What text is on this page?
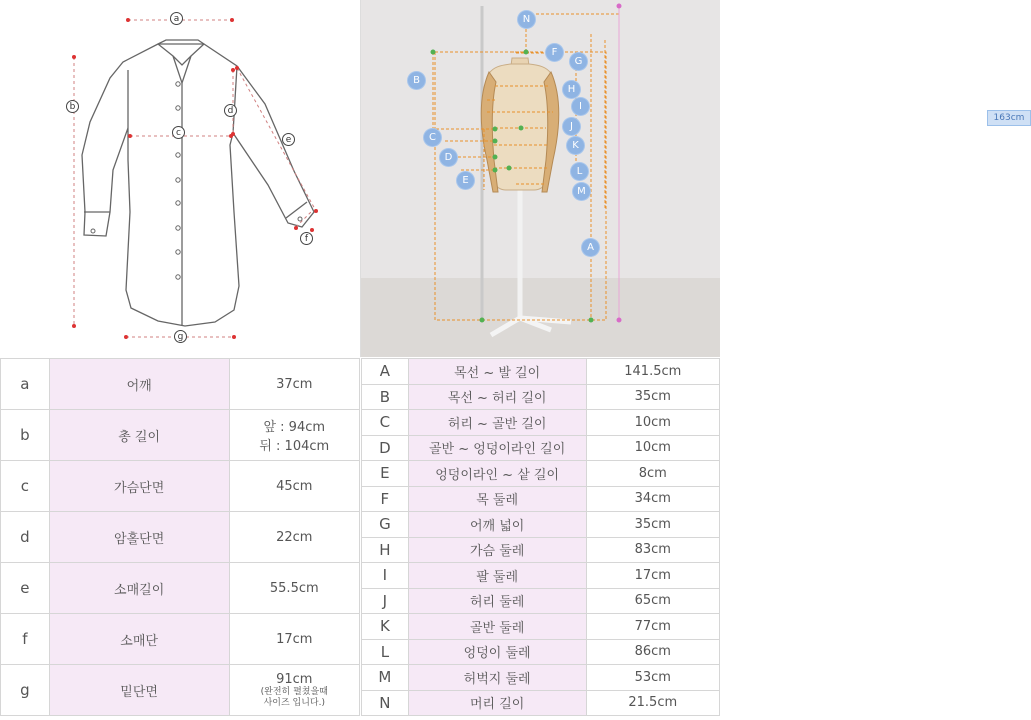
a
b
c
d
e
f
g
N
F
G
B
H
I
J
C
K
D
L
E
M
A
163cm
a	어깨	37cm
b	총 길이	앞 : 94cm
뒤 : 104cm

c	가슴단면	45cm
d	암홀단면	22cm
e	소매길이	55.5cm
f	소매단	17cm
g	밑단면	91cm
(완전히 펼쳤을때
사이즈 입니다.)
A	목선 ~ 발 길이	141.5cm
B	목선 ~ 허리 길이	35cm
C	허리 ~ 골반 길이	10cm
D	골반 ~ 엉덩이라인 길이	10cm
E	엉덩이라인 ~ 샅 길이	8cm
F	목 둘레	34cm
G	어깨 넓이	35cm
H	가슴 둘레	83cm
I	팔 둘레	17cm
J	허리 둘레	65cm
K	골반 둘레	77cm
L	엉덩이 둘레	86cm
M	허벅지 둘레	53cm
N	머리 길이	21.5cm
